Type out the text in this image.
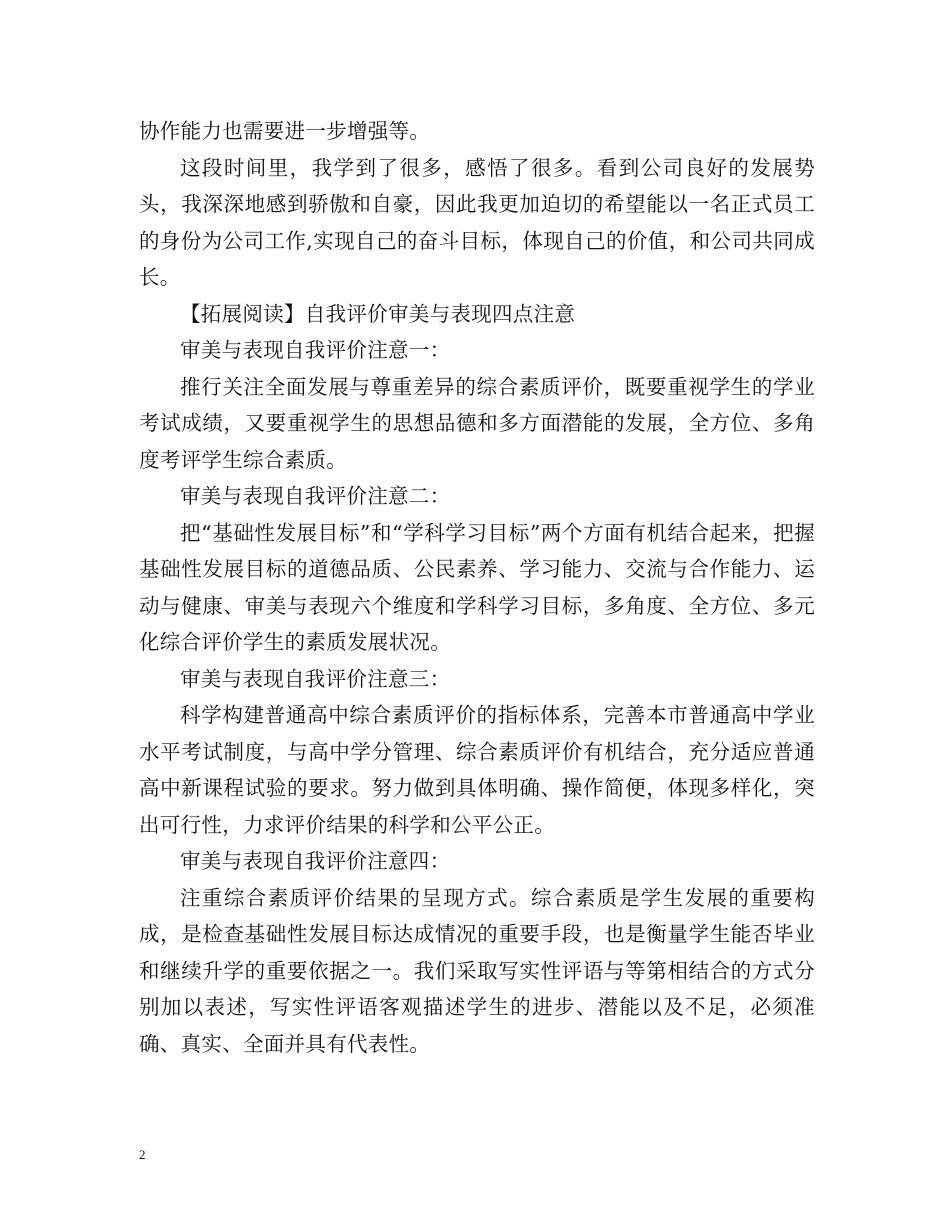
协作能力也需要进一步增强等。

这段时间里，我学到了很多，感悟了很多。看到公司良好的发展势头，我深深地感到骄傲和自豪，因此我更加迫切的希望能以一名正式员工的身份为公司工作,实现自己的奋斗目标，体现自己的价值，和公司共同成长。

【拓展阅读】自我评价审美与表现四点注意

审美与表现自我评价注意一：

推行关注全面发展与尊重差异的综合素质评价，既要重视学生的学业考试成绩，又要重视学生的思想品德和多方面潜能的发展，全方位、多角度考评学生综合素质。

审美与表现自我评价注意二：

把“基础性发展目标”和“学科学习目标”两个方面有机结合起来，把握基础性发展目标的道德品质、公民素养、学习能力、交流与合作能力、运动与健康、审美与表现六个维度和学科学习目标，多角度、全方位、多元化综合评价学生的素质发展状况。

审美与表现自我评价注意三：

科学构建普通高中综合素质评价的指标体系，完善本市普通高中学业水平考试制度，与高中学分管理、综合素质评价有机结合，充分适应普通高中新课程试验的要求。努力做到具体明确、操作简便，体现多样化，突出可行性，力求评价结果的科学和公平公正。

审美与表现自我评价注意四：

注重综合素质评价结果的呈现方式。综合素质是学生发展的重要构成，是检查基础性发展目标达成情况的重要手段，也是衡量学生能否毕业和继续升学的重要依据之一。我们采取写实性评语与等第相结合的方式分别加以表述，写实性评语客观描述学生的进步、潜能以及不足，必须准确、真实、全面并具有代表性。

2
